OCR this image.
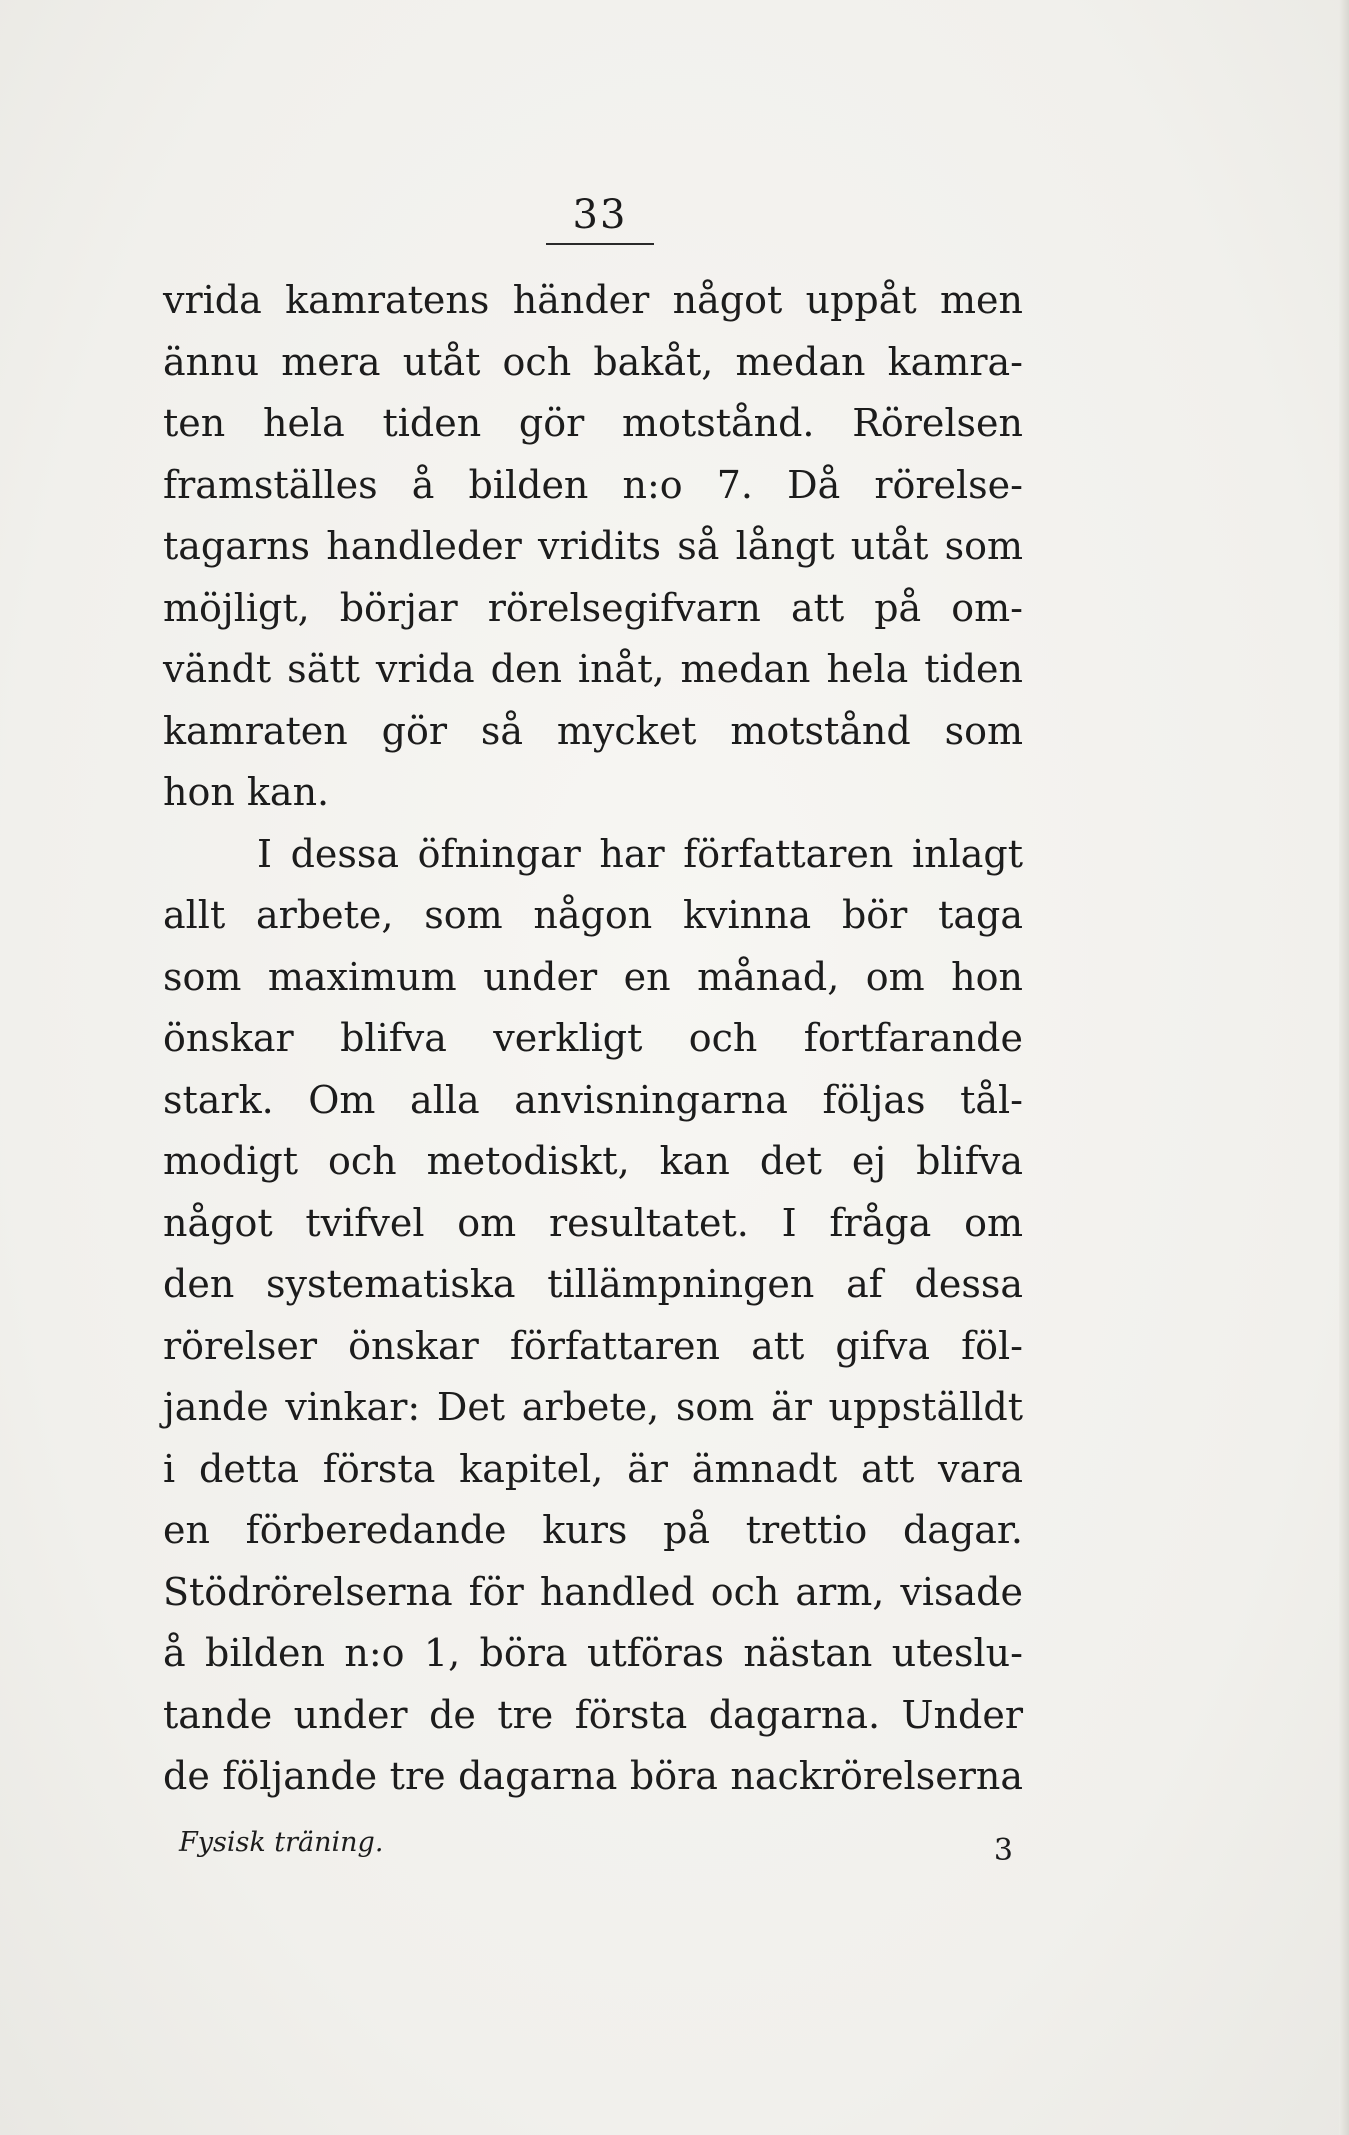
33
vrida kamratens händer något uppåt men
ännu mera utåt och bakåt, medan kamra-
ten hela tiden gör motstånd. Rörelsen
framställes å bilden n:o 7. Då rörelse-
tagarns handleder vridits så långt utåt som
möjligt, börjar rörelsegifvarn att på om-
vändt sätt vrida den inåt, medan hela tiden
kamraten gör så mycket motstånd som
hon kan.
I dessa öfningar har författaren inlagt
allt arbete, som någon kvinna bör taga
som maximum under en månad, om hon
önskar blifva verkligt och fortfarande
stark. Om alla anvisningarna följas tål-
modigt och metodiskt, kan det ej blifva
något tvifvel om resultatet. I fråga om
den systematiska tillämpningen af dessa
rörelser önskar författaren att gifva föl-
jande vinkar: Det arbete, som är uppställdt
i detta första kapitel, är ämnadt att vara
en förberedande kurs på trettio dagar.
Stödrörelserna för handled och arm, visade
å bilden n:o 1, böra utföras nästan uteslu-
tande under de tre första dagarna. Under
de följande tre dagarna böra nackrörelserna
Fysisk träning.	3
